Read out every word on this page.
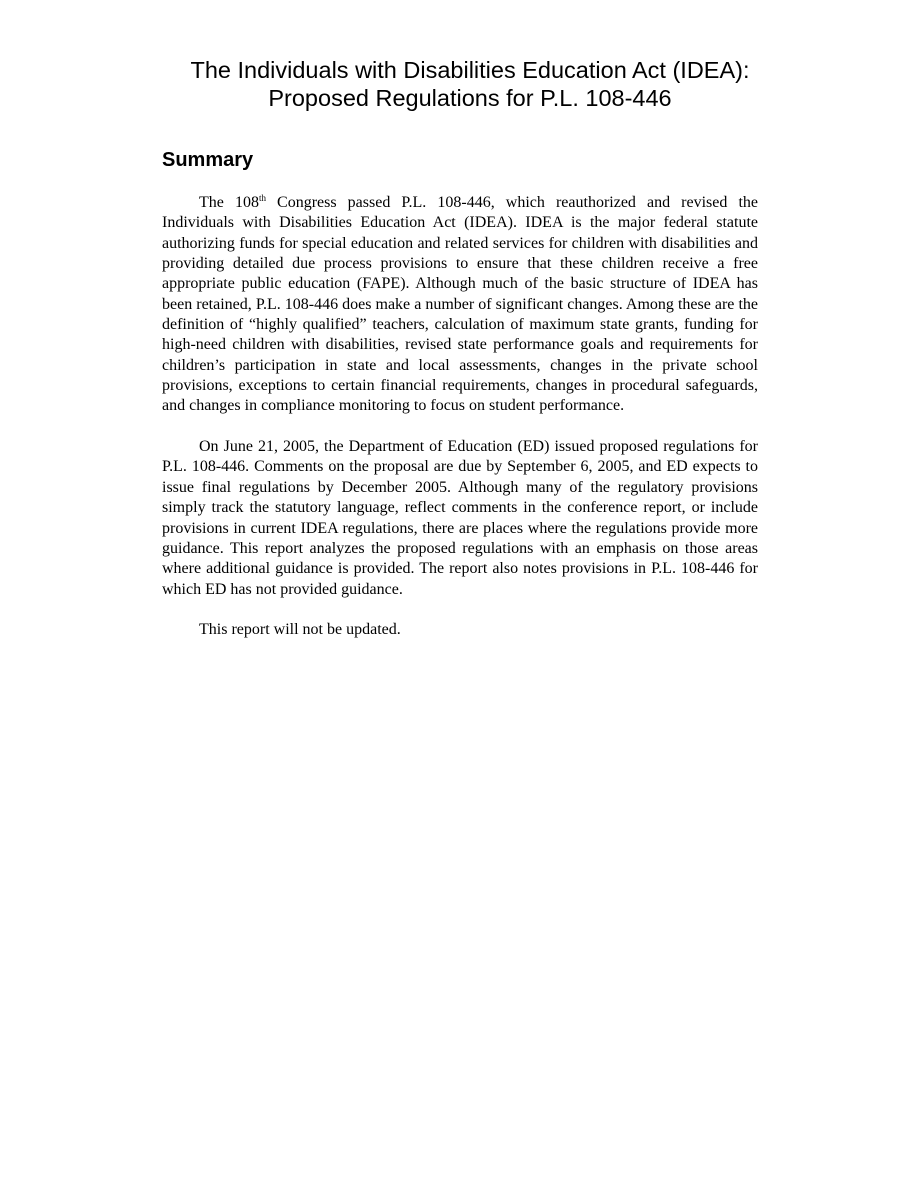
The Individuals with Disabilities Education Act (IDEA):
Proposed Regulations for P.L. 108-446
Summary

The 108th Congress passed P.L. 108-446, which reauthorized and revised the Individuals with Disabilities Education Act (IDEA). IDEA is the major federal statute authorizing funds for special education and related services for children with disabilities and providing detailed due process provisions to ensure that these children receive a free appropriate public education (FAPE). Although much of the basic structure of IDEA has been retained, P.L. 108-446 does make a number of significant changes. Among these are the definition of “highly qualified” teachers, calculation of maximum state grants, funding for high-need children with disabilities, revised state performance goals and requirements for children’s participation in state and local assessments, changes in the private school provisions, exceptions to certain financial requirements, changes in procedural safeguards, and changes in compliance monitoring to focus on student performance.

On June 21, 2005, the Department of Education (ED) issued proposed regulations for P.L. 108-446. Comments on the proposal are due by September 6, 2005, and ED expects to issue final regulations by December 2005. Although many of the regulatory provisions simply track the statutory language, reflect comments in the conference report, or include provisions in current IDEA regulations, there are places where the regulations provide more guidance. This report analyzes the proposed regulations with an emphasis on those areas where additional guidance is provided. The report also notes provisions in P.L. 108-446 for which ED has not provided guidance.

This report will not be updated.
